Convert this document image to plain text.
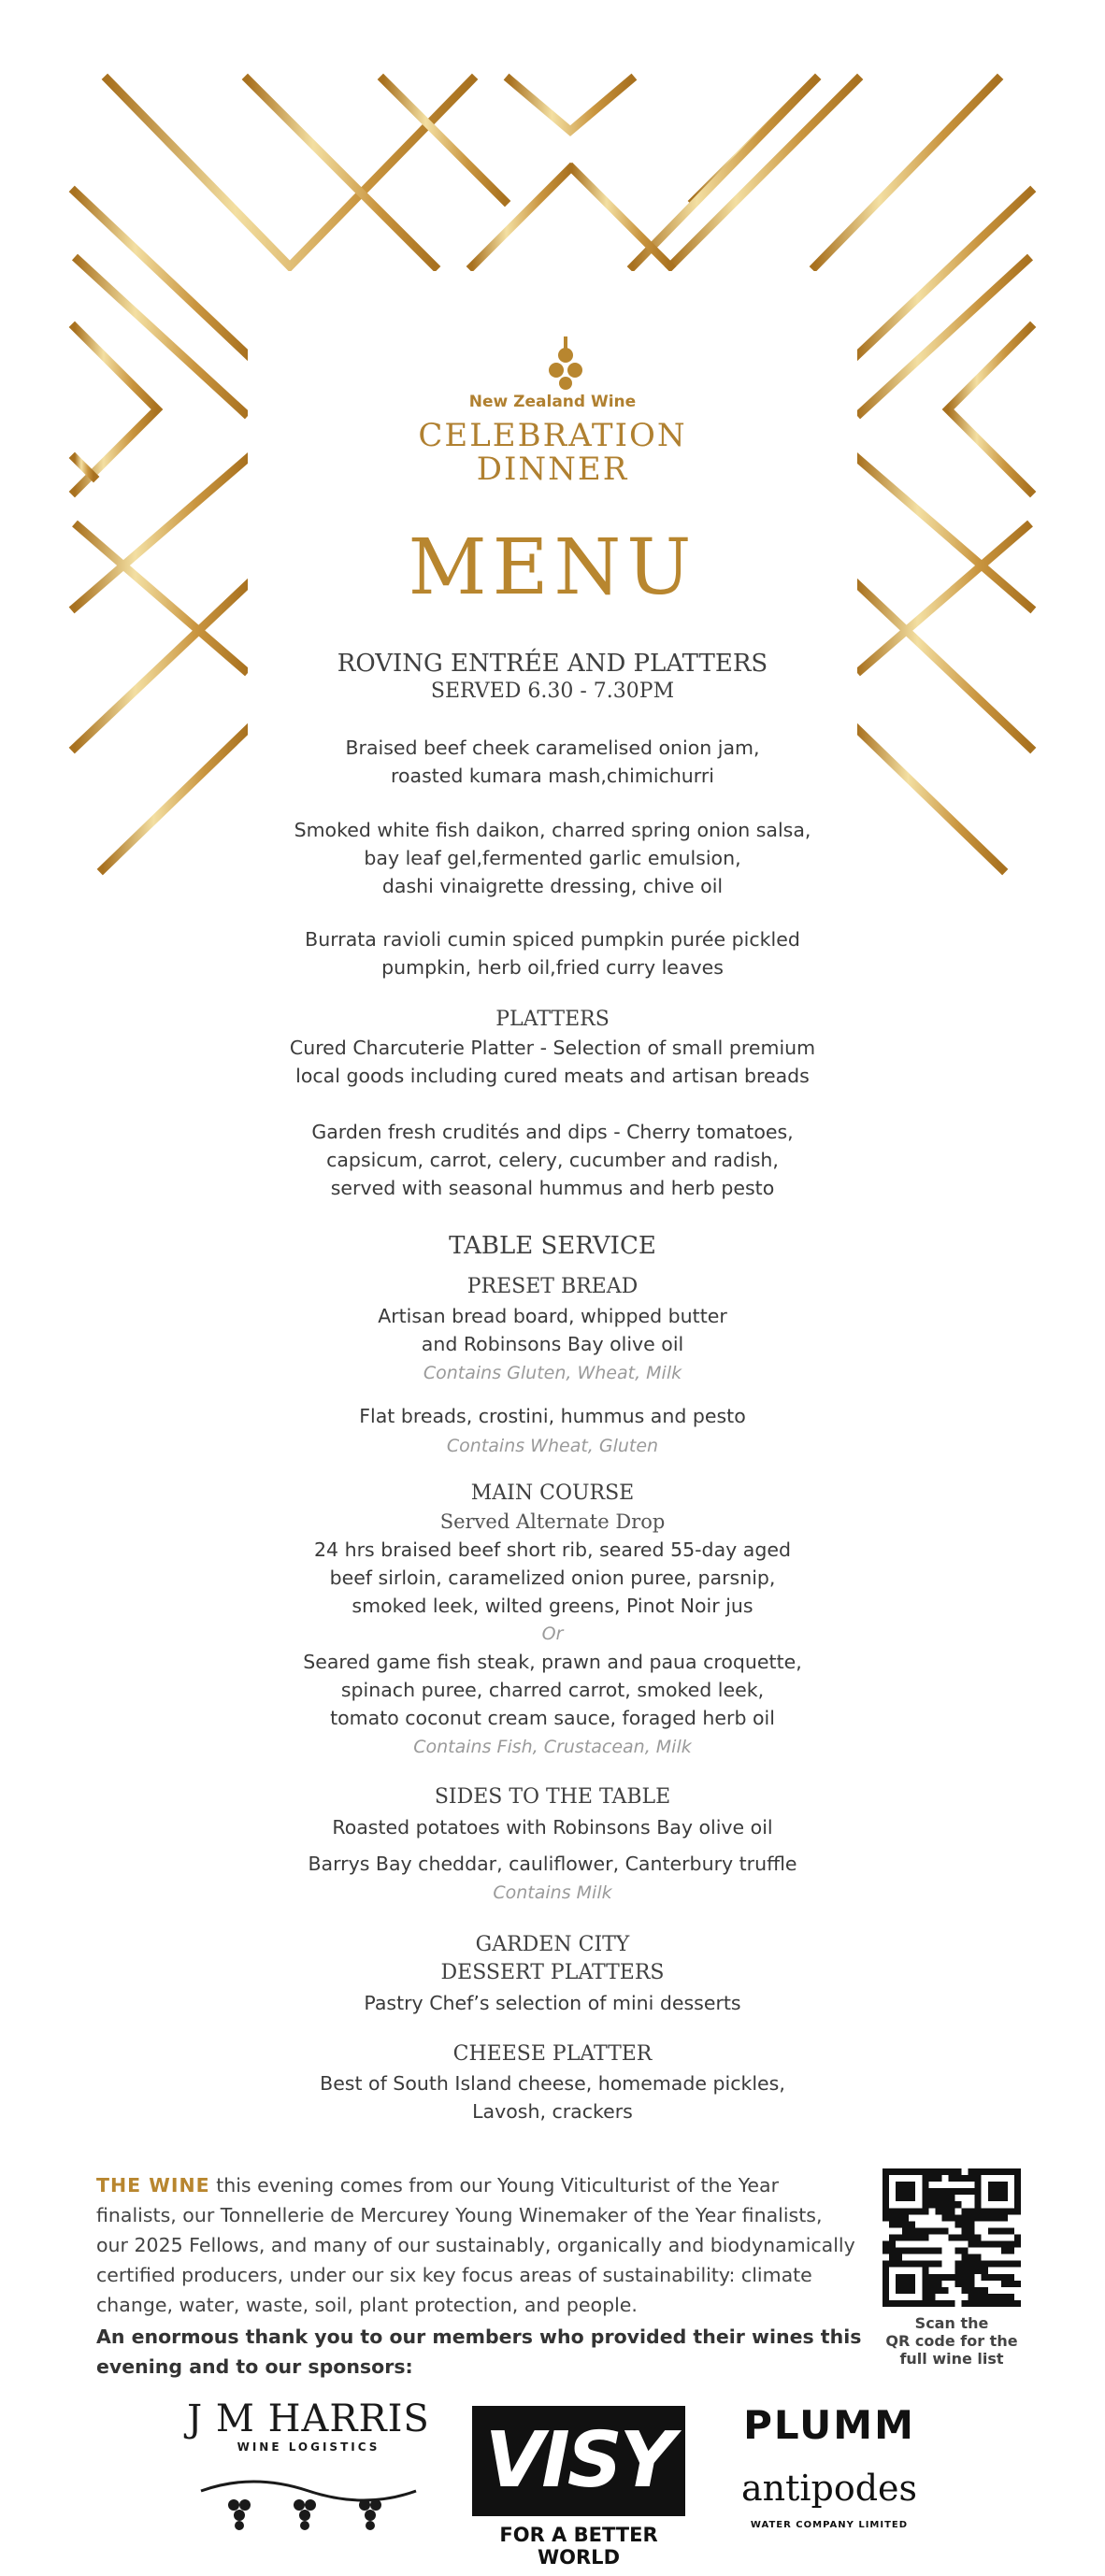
New Zealand Wine
CELEBRATION
DINNER
MENU
ROVING ENTRÉE AND PLATTERS
SERVED 6.30 - 7.30PM
Braised beef cheek caramelised onion jam,
roasted kumara mash,chimichurri
Smoked white fish daikon, charred spring onion salsa,
bay leaf gel,fermented garlic emulsion,
dashi vinaigrette dressing, chive oil
Burrata ravioli cumin spiced pumpkin purée pickled
pumpkin, herb oil,fried curry leaves
PLATTERS
Cured Charcuterie Platter - Selection of small premium
local goods including cured meats and artisan breads
Garden fresh crudités and dips - Cherry tomatoes,
capsicum, carrot, celery, cucumber and radish,
served with seasonal hummus and herb pesto
TABLE SERVICE
PRESET BREAD
Artisan bread board, whipped butter
and Robinsons Bay olive oil
Contains Gluten, Wheat, Milk
Flat breads, crostini, hummus and pesto
Contains Wheat, Gluten
MAIN COURSE
Served Alternate Drop
24 hrs braised beef short rib, seared 55-day aged
beef sirloin, caramelized onion puree, parsnip,
smoked leek, wilted greens, Pinot Noir jus
Or
Seared game fish steak, prawn and paua croquette,
spinach puree, charred carrot, smoked leek,
tomato coconut cream sauce, foraged herb oil
Contains Fish, Crustacean, Milk
SIDES TO THE TABLE
Roasted potatoes with Robinsons Bay olive oil
Barrys Bay cheddar, cauliflower, Canterbury truffle
Contains Milk
GARDEN CITY
DESSERT PLATTERS
Pastry Chef’s selection of mini desserts
CHEESE PLATTER
Best of South Island cheese, homemade pickles,
Lavosh, crackers
THE WINE this evening comes from our Young Viticulturist of the Year
finalists, our Tonnellerie de Mercurey Young Winemaker of the Year finalists,
our 2025 Fellows, and many of our sustainably, organically and biodynamically
certified producers, under our six key focus areas of sustainability: climate
change, water, waste, soil, plant protection, and people.
An enormous thank you to our members who provided their wines this
evening and to our sponsors:
Scan the
QR code for the
full wine list
J M HARRIS
WINE LOGISTICS	VISY
FOR A BETTER WORLD
PLUMM
antipodes
WATER COMPANY LIMITED
